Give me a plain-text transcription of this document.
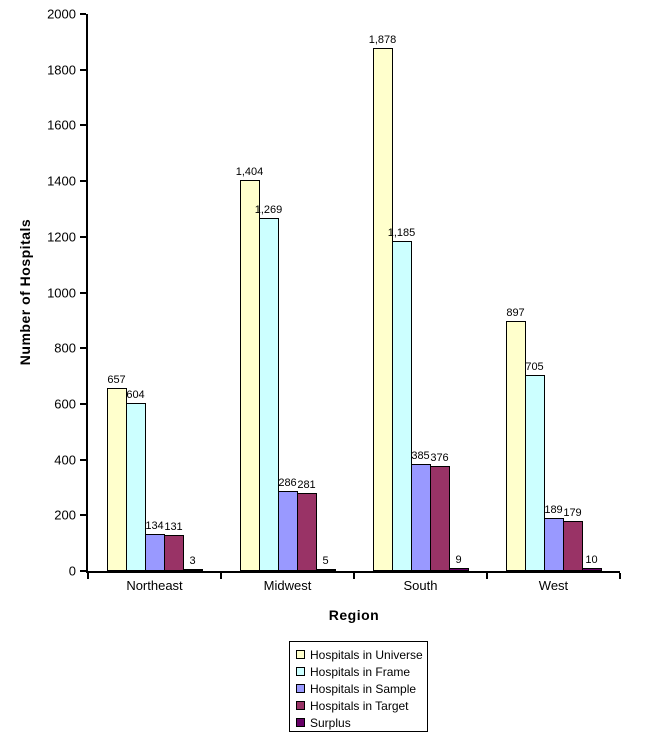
Number of Hospitals
Region
0
200
400
600
800
1000
1200
1400
1600
1800
2000
657
604
134 131
3
Northeast
1,404
1,269
286 281
5
Midwest
1,878
1,185
385 376
9
South
897
705
189 179
10
West
Hospitals in Universe
Hospitals in Frame
Hospitals in Sample
Hospitals in Target
Surplus
